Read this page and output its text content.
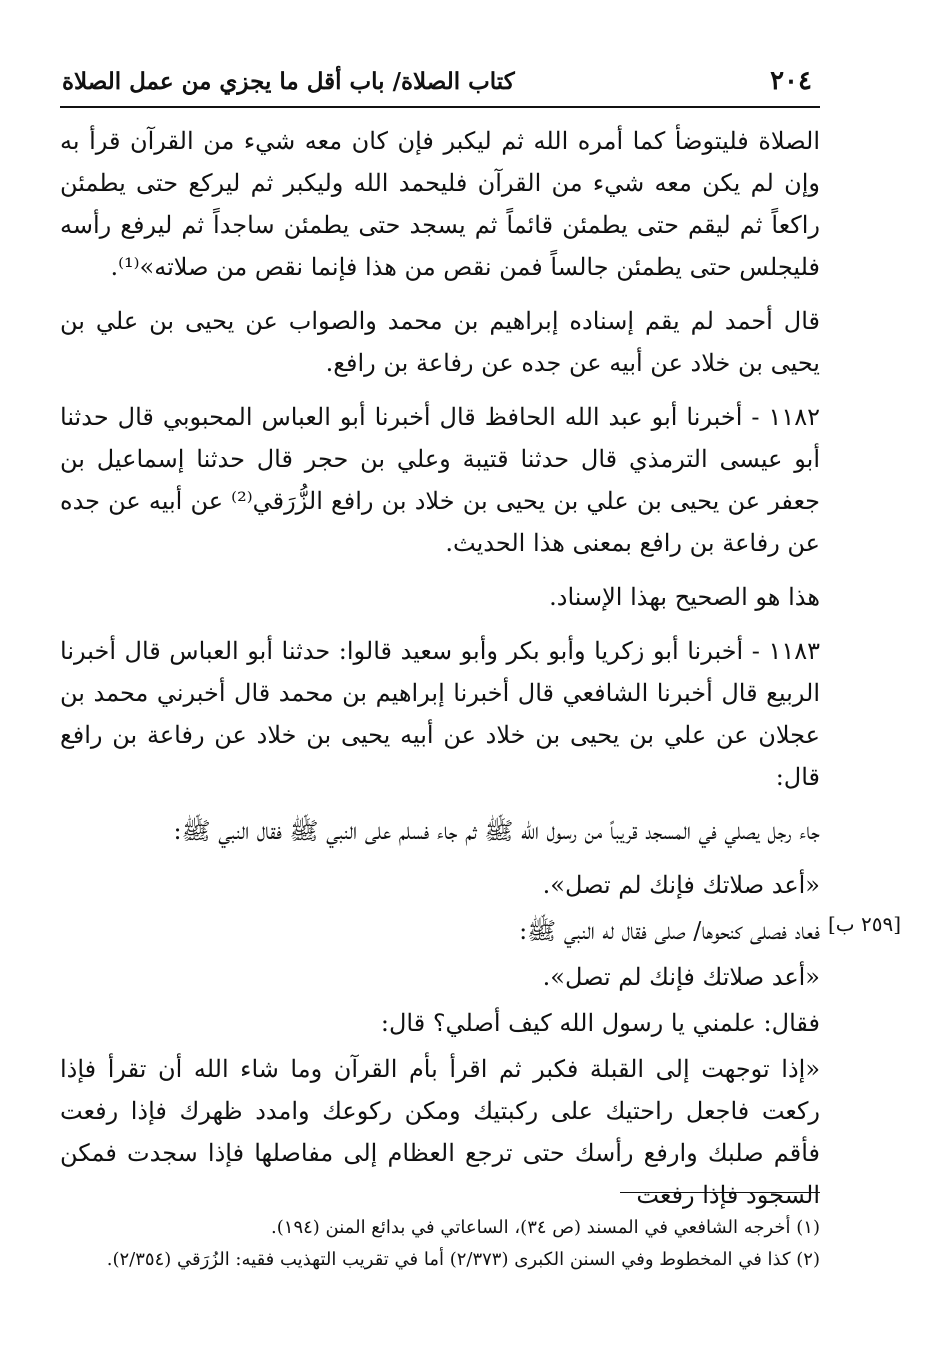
٢٠٤
كتاب الصلاة/ باب أقل ما يجزي من عمل الصلاة

الصلاة فليتوضأ كما أمره الله ثم ليكبر فإن كان معه شيء من القرآن قرأ به وإن لم يكن معه شيء من القرآن فليحمد الله وليكبر ثم ليركع حتى يطمئن راكعاً ثم ليقم حتى يطمئن قائماً ثم يسجد حتى يطمئن ساجداً ثم ليرفع رأسه فليجلس حتى يطمئن جالساً فمن نقص من هذا فإنما نقص من صلاته»⁽¹⁾.

قال أحمد لم يقم إسناده إبراهيم بن محمد والصواب عن يحيى بن علي بن يحيى بن خلاد عن أبيه عن جده عن رفاعة بن رافع.

١١٨٢ - أخبرنا أبو عبد الله الحافظ قال أخبرنا أبو العباس المحبوبي قال حدثنا أبو عيسى الترمذي قال حدثنا قتيبة وعلي بن حجر قال حدثنا إسماعيل بن جعفر عن يحيى بن علي بن يحيى بن خلاد بن رافع الزُّرَقي⁽²⁾ عن أبيه عن جده عن رفاعة بن رافع بمعنى هذا الحديث.

هذا هو الصحيح بهذا الإسناد.

١١٨٣ - أخبرنا أبو زكريا وأبو بكر وأبو سعيد قالوا: حدثنا أبو العباس قال أخبرنا الربيع قال أخبرنا الشافعي قال أخبرنا إبراهيم بن محمد قال أخبرني محمد بن عجلان عن علي بن يحيى بن خلاد عن أبيه يحيى بن خلاد عن رفاعة بن رافع قال:

جاء رجل يصلي في المسجد قريباً من رسول الله ﷺ ثم جاء فسلم على النبي ﷺ فقال النبي ﷺ:

«أعد صلاتك فإنك لم تصل».

فعاد فصلى كنحوها/ صلى فقال له النبي ﷺ:

«أعد صلاتك فإنك لم تصل».

فقال: علمني يا رسول الله كيف أصلي؟ قال:

«إذا توجهت إلى القبلة فكبر ثم اقرأ بأم القرآن وما شاء الله أن تقرأ فإذا ركعت فاجعل راحتيك على ركبتيك ومكن ركوعك وامدد ظهرك فإذا رفعت فأقم صلبك وارفع رأسك حتى ترجع العظام إلى مفاصلها فإذا سجدت فمكن السجود فإذا رفعت

[٢٥٩ ب]
(١) أخرجه الشافعي في المسند (ص ٣٤)، الساعاتي في بدائع المنن (١٩٤).
(٢) كذا في المخطوط وفي السنن الكبرى (٢/٣٧٣) أما في تقريب التهذيب فقيه: الزُرَقي (٢/٣٥٤).
